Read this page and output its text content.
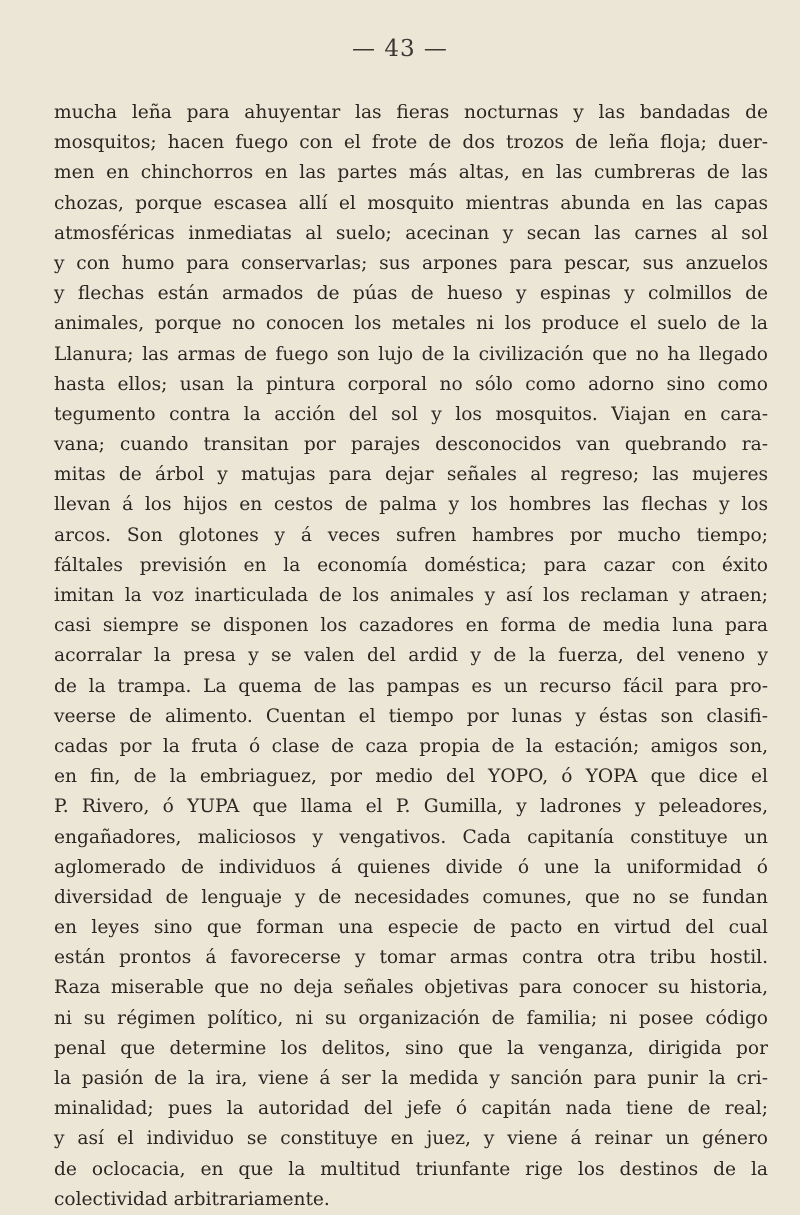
— 43 —
mucha leña para ahuyentar las fieras nocturnas y las bandadas de
mosquitos; hacen fuego con el frote de dos trozos de leña floja; duer-
men en chinchorros en las partes más altas, en las cumbreras de las
chozas, porque escasea allí el mosquito mientras abunda en las capas
atmosféricas inmediatas al suelo; acecinan y secan las carnes al sol
y con humo para conservarlas; sus arpones para pescar, sus anzuelos
y flechas están armados de púas de hueso y espinas y colmillos de
animales, porque no conocen los metales ni los produce el suelo de la
Llanura; las armas de fuego son lujo de la civilización que no ha llegado
hasta ellos; usan la pintura corporal no sólo como adorno sino como
tegumento contra la acción del sol y los mosquitos. Viajan en cara-
vana; cuando transitan por parajes desconocidos van quebrando ra-
mitas de árbol y matujas para dejar señales al regreso; las mujeres
llevan á los hijos en cestos de palma y los hombres las flechas y los
arcos. Son glotones y á veces sufren hambres por mucho tiempo;
fáltales previsión en la economía doméstica; para cazar con éxito
imitan la voz inarticulada de los animales y así los reclaman y atraen;
casi siempre se disponen los cazadores en forma de media luna para
acorralar la presa y se valen del ardid y de la fuerza, del veneno y
de la trampa. La quema de las pampas es un recurso fácil para pro-
veerse de alimento. Cuentan el tiempo por lunas y éstas son clasifi-
cadas por la fruta ó clase de caza propia de la estación; amigos son,
en fin, de la embriaguez, por medio del YOPO, ó YOPA que dice el
P. Rivero, ó YUPA que llama el P. Gumilla, y ladrones y peleadores,
engañadores, maliciosos y vengativos. Cada capitanía constituye un
aglomerado de individuos á quienes divide ó une la uniformidad ó
diversidad de lenguaje y de necesidades comunes, que no se fundan
en leyes sino que forman una especie de pacto en virtud del cual
están prontos á favorecerse y tomar armas contra otra tribu hostil.
Raza miserable que no deja señales objetivas para conocer su historia,
ni su régimen político, ni su organización de familia; ni posee código
penal que determine los delitos, sino que la venganza, dirigida por
la pasión de la ira, viene á ser la medida y sanción para punir la cri-
minalidad; pues la autoridad del jefe ó capitán nada tiene de real;
y así el individuo se constituye en juez, y viene á reinar un género
de oclocacia, en que la multitud triunfante rige los destinos de la
colectividad arbitrariamente.
